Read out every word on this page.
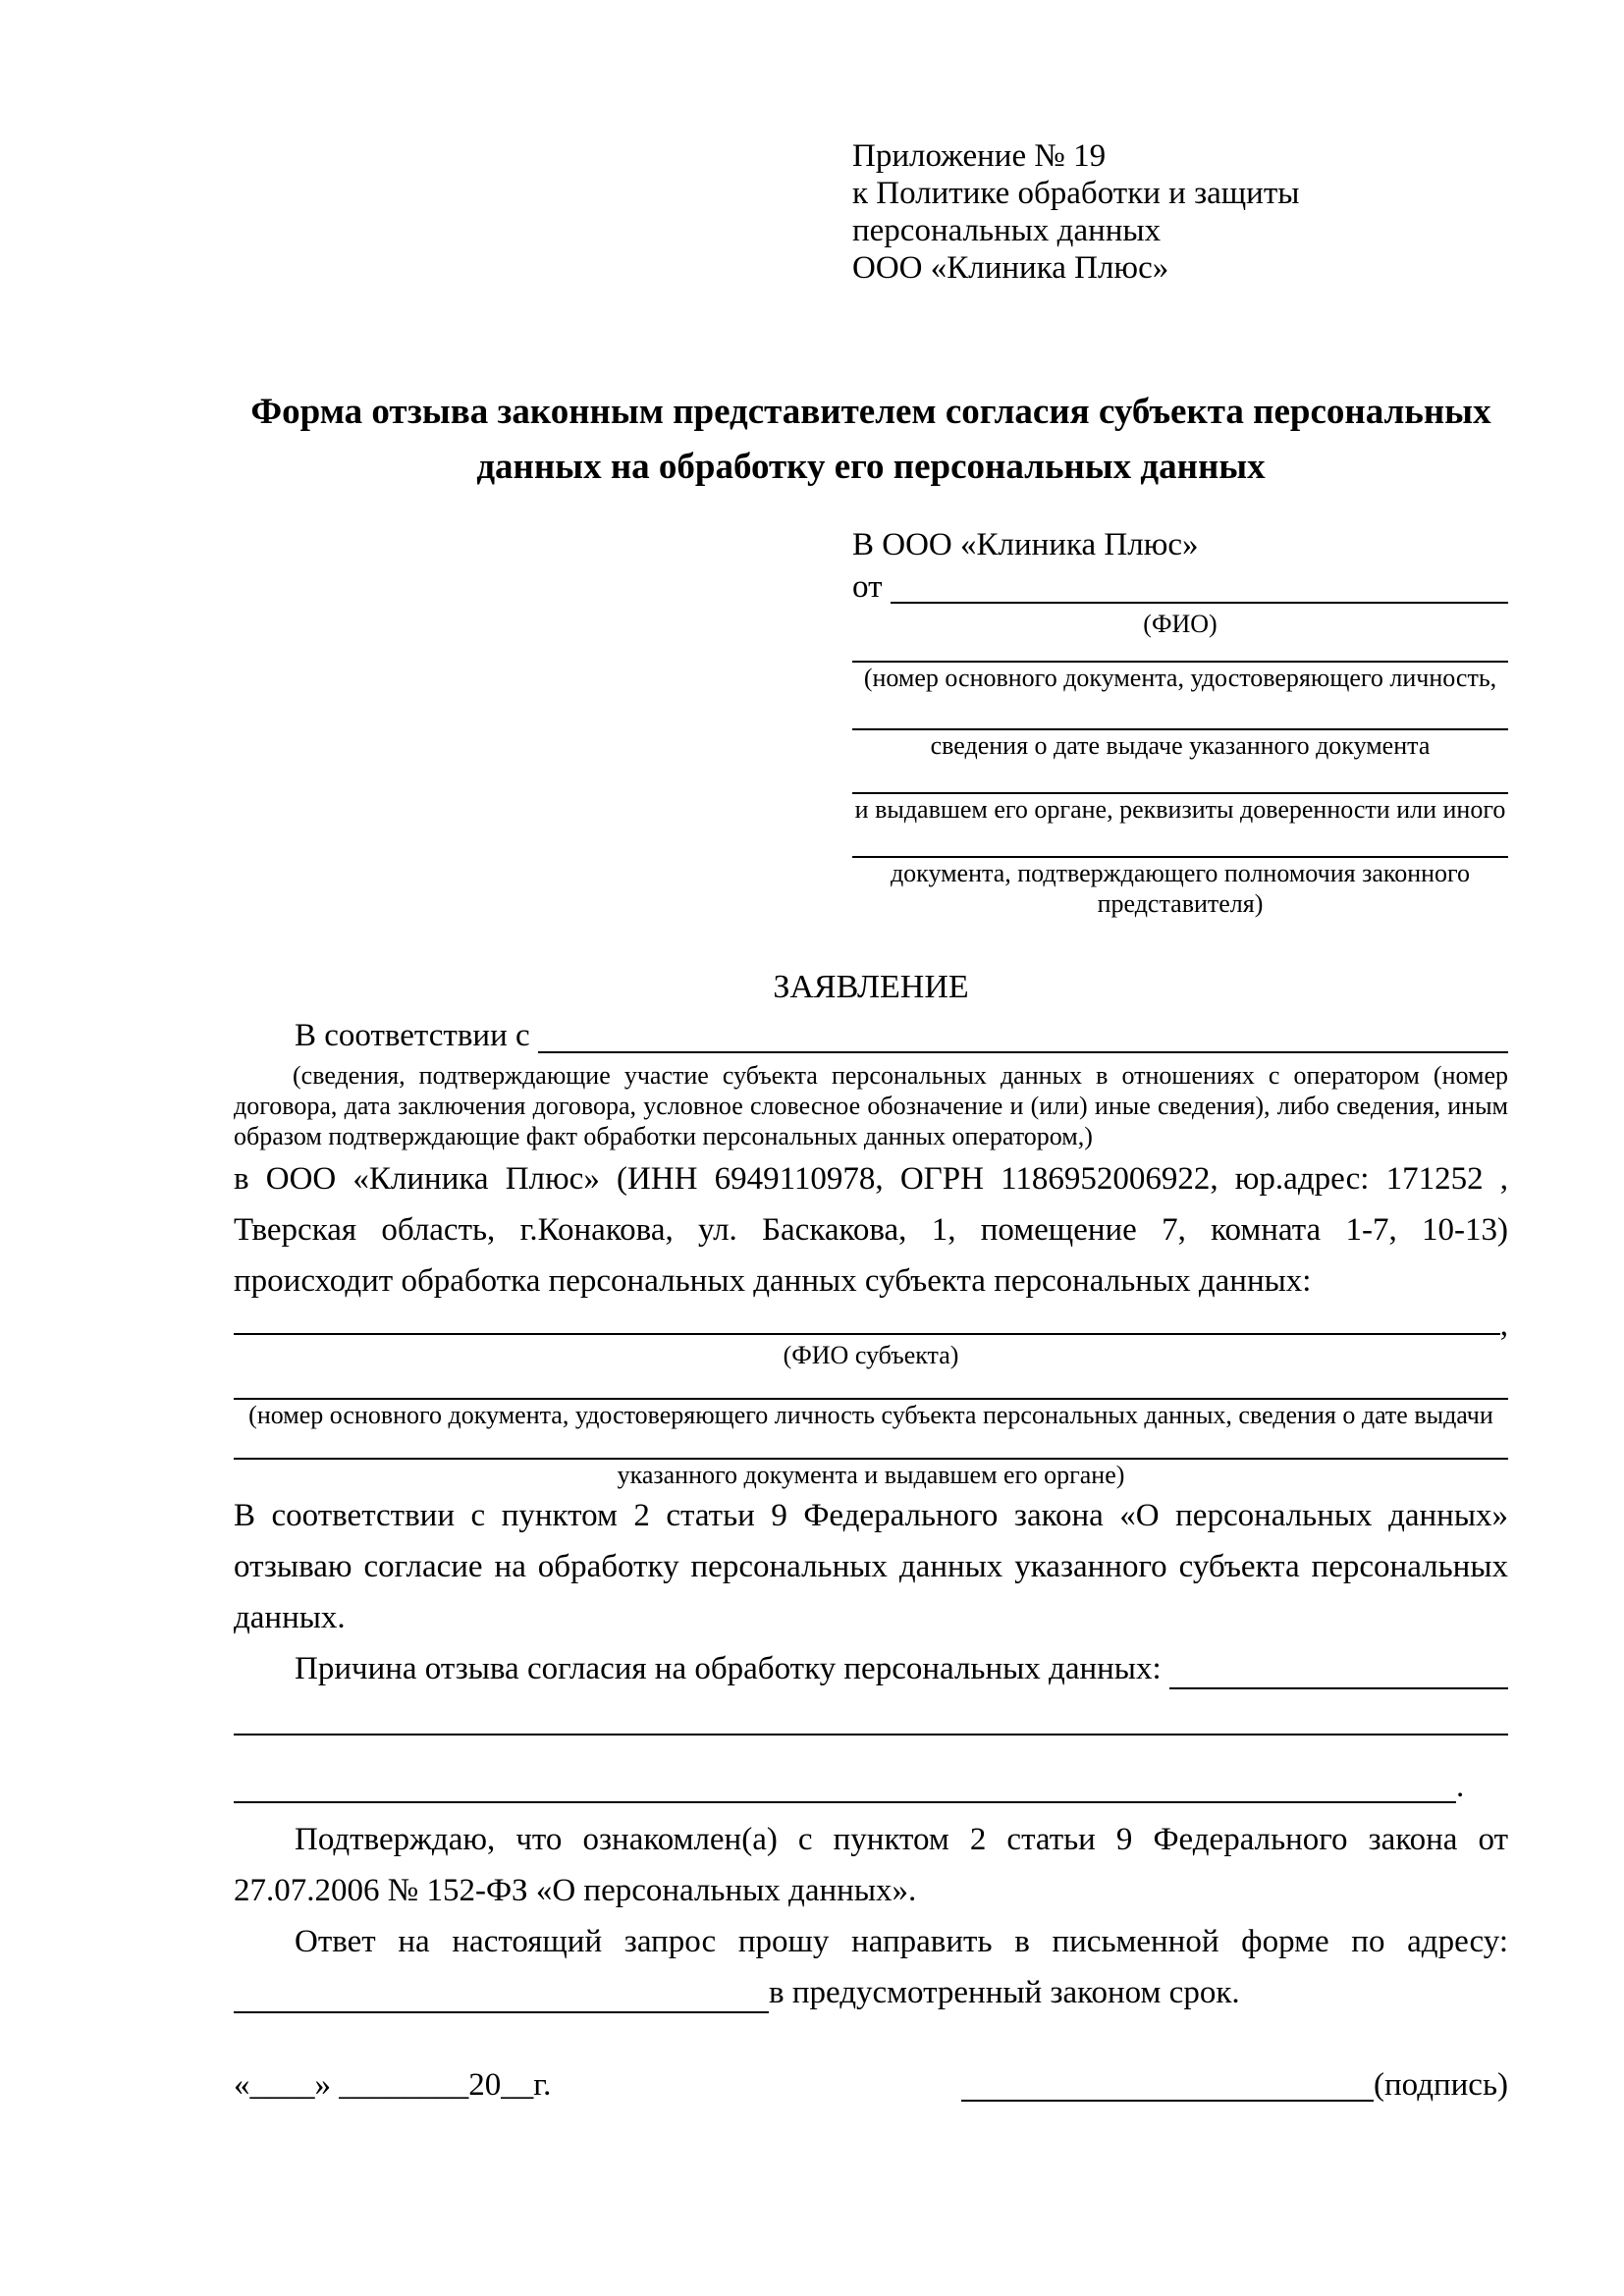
Приложение № 19
к Политике обработки и защиты
персональных данных
ООО «Клиника Плюс»
Форма отзыва законным представителем согласия субъекта персональных данных на обработку его персональных данных
В ООО «Клиника Плюс»
от
(ФИО)
(номер основного документа, удостоверяющего личность,
сведения о дате выдаче указанного документа
и выдавшем его органе, реквизиты доверенности или иного
документа, подтверждающего полномочия законного представителя)
ЗАЯВЛЕНИЕ
В соответствии с
(сведения, подтверждающие участие субъекта персональных данных в отношениях с оператором (номер договора, дата заключения договора, условное словесное обозначение и (или) иные сведения), либо сведения, иным образом подтверждающие факт обработки персональных данных оператором,)
в ООО «Клиника Плюс» (ИНН 6949110978, ОГРН 1186952006922, юр.адрес: 171252 , Тверская область, г.Конакова, ул. Баскакова, 1, помещение 7, комната 1-7, 10-13) происходит обработка персональных данных субъекта персональных данных:
,
(ФИО субъекта)
(номер основного документа, удостоверяющего личность субъекта персональных данных, сведения о дате выдачи
указанного документа и выдавшем его органе)
В соответствии с пунктом 2 статьи 9 Федерального закона «О персональных данных» отзываю согласие на обработку персональных данных указанного субъекта персональных данных.
Причина отзыва согласия на обработку персональных данных:
.
Подтверждаю, что ознакомлен(а) с пунктом 2 статьи 9 Федерального закона от 27.07.2006 № 152-ФЗ «О персональных данных».
Ответ на настоящий запрос прошу направить в письменной форме по адресу:
в предусмотренный законом срок.
«____» ________20__г.	(подпись)
